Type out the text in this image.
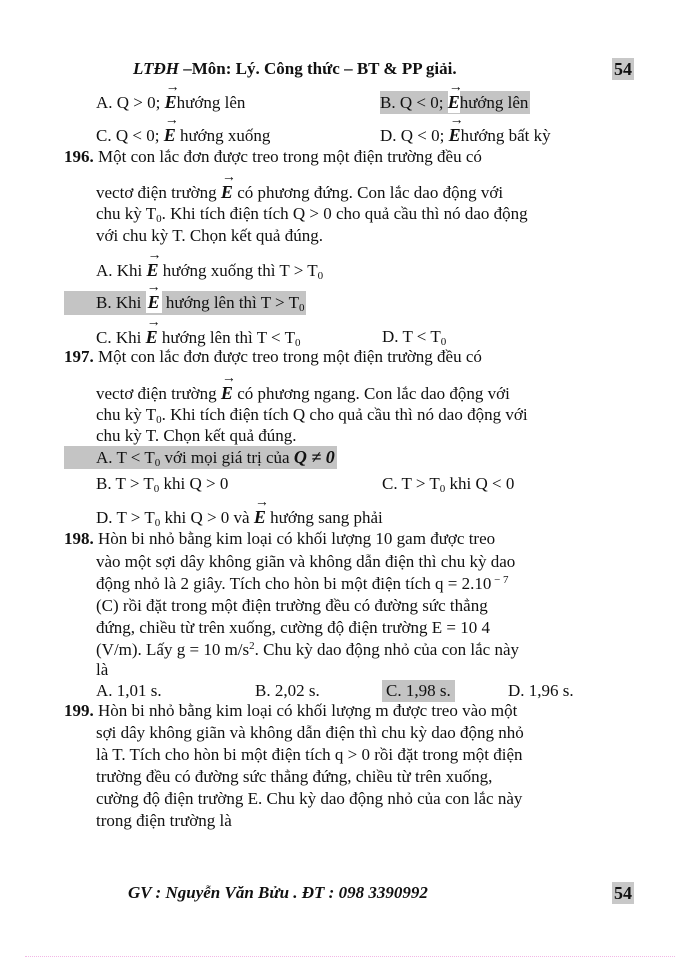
LTĐH –Môn: Lý. Công thức – BT & PP giải.	54
A. Q > 0; → Ehướng lên	B. Q < 0; → Ehướng lên
C. Q < 0; → E hướng xuống	D. Q < 0; → Ehướng bất kỳ
196. Một con lắc đơn được treo trong một điện trường đều có
vectơ điện trường → E có phương đứng. Con lắc dao động với
chu kỳ $T_0$. Khi tích điện tích Q > 0 cho quả cầu thì nó dao động
với chu kỳ T. Chọn kết quả đúng.
A. Khi → E hướng xuống thì $T > T_0$
B. Khi → E hướng lên thì $T > T_0$
C. Khi → E hướng lên thì $T < T_0$	D. $T < T_0$
197. Một con lắc đơn được treo trong một điện trường đều có
vectơ điện trường → E có phương ngang. Con lắc dao động với
chu kỳ $T_0$. Khi tích điện tích Q cho quả cầu thì nó dao động với
chu kỳ T. Chọn kết quả đúng.
A. $T < T_0$ với mọi giá trị của Q ≠ 0
B. $T > T_0$ khi Q > 0	C. $T > T_0$ khi Q < 0
D. $T > T_0$ khi Q > 0 và → E hướng sang phải
198. Hòn bi nhỏ bằng kim loại có khối lượng 10 gam được treo
vào một sợi dây không giãn và không dẫn điện thì chu kỳ dao
động nhỏ là 2 giây. Tích cho hòn bi một điện tích q = 2.10 $^{- 7}$
(C) rồi đặt trong một điện trường đều có đường sức thẳng
đứng, chiều từ trên xuống, cường độ điện trường E = 10 4
(V/m). Lấy g = 10 $m/s^2$. Chu kỳ dao động nhỏ của con lắc này
là
A. 1,01 s.	B. 2,02 s.	C. 1,98 s.	D. 1,96 s.
199. Hòn bi nhỏ bằng kim loại có khối lượng m được treo vào một
sợi dây không giãn và không dẫn điện thì chu kỳ dao động nhỏ
là T. Tích cho hòn bi một điện tích q > 0 rồi đặt trong một điện
trường đều có đường sức thẳng đứng, chiều từ trên xuống,
cường độ điện trường E. Chu kỳ dao động nhỏ của con lắc này
trong điện trường là
GV : Nguyễn Văn Bửu . ĐT : 098 3390992	54
